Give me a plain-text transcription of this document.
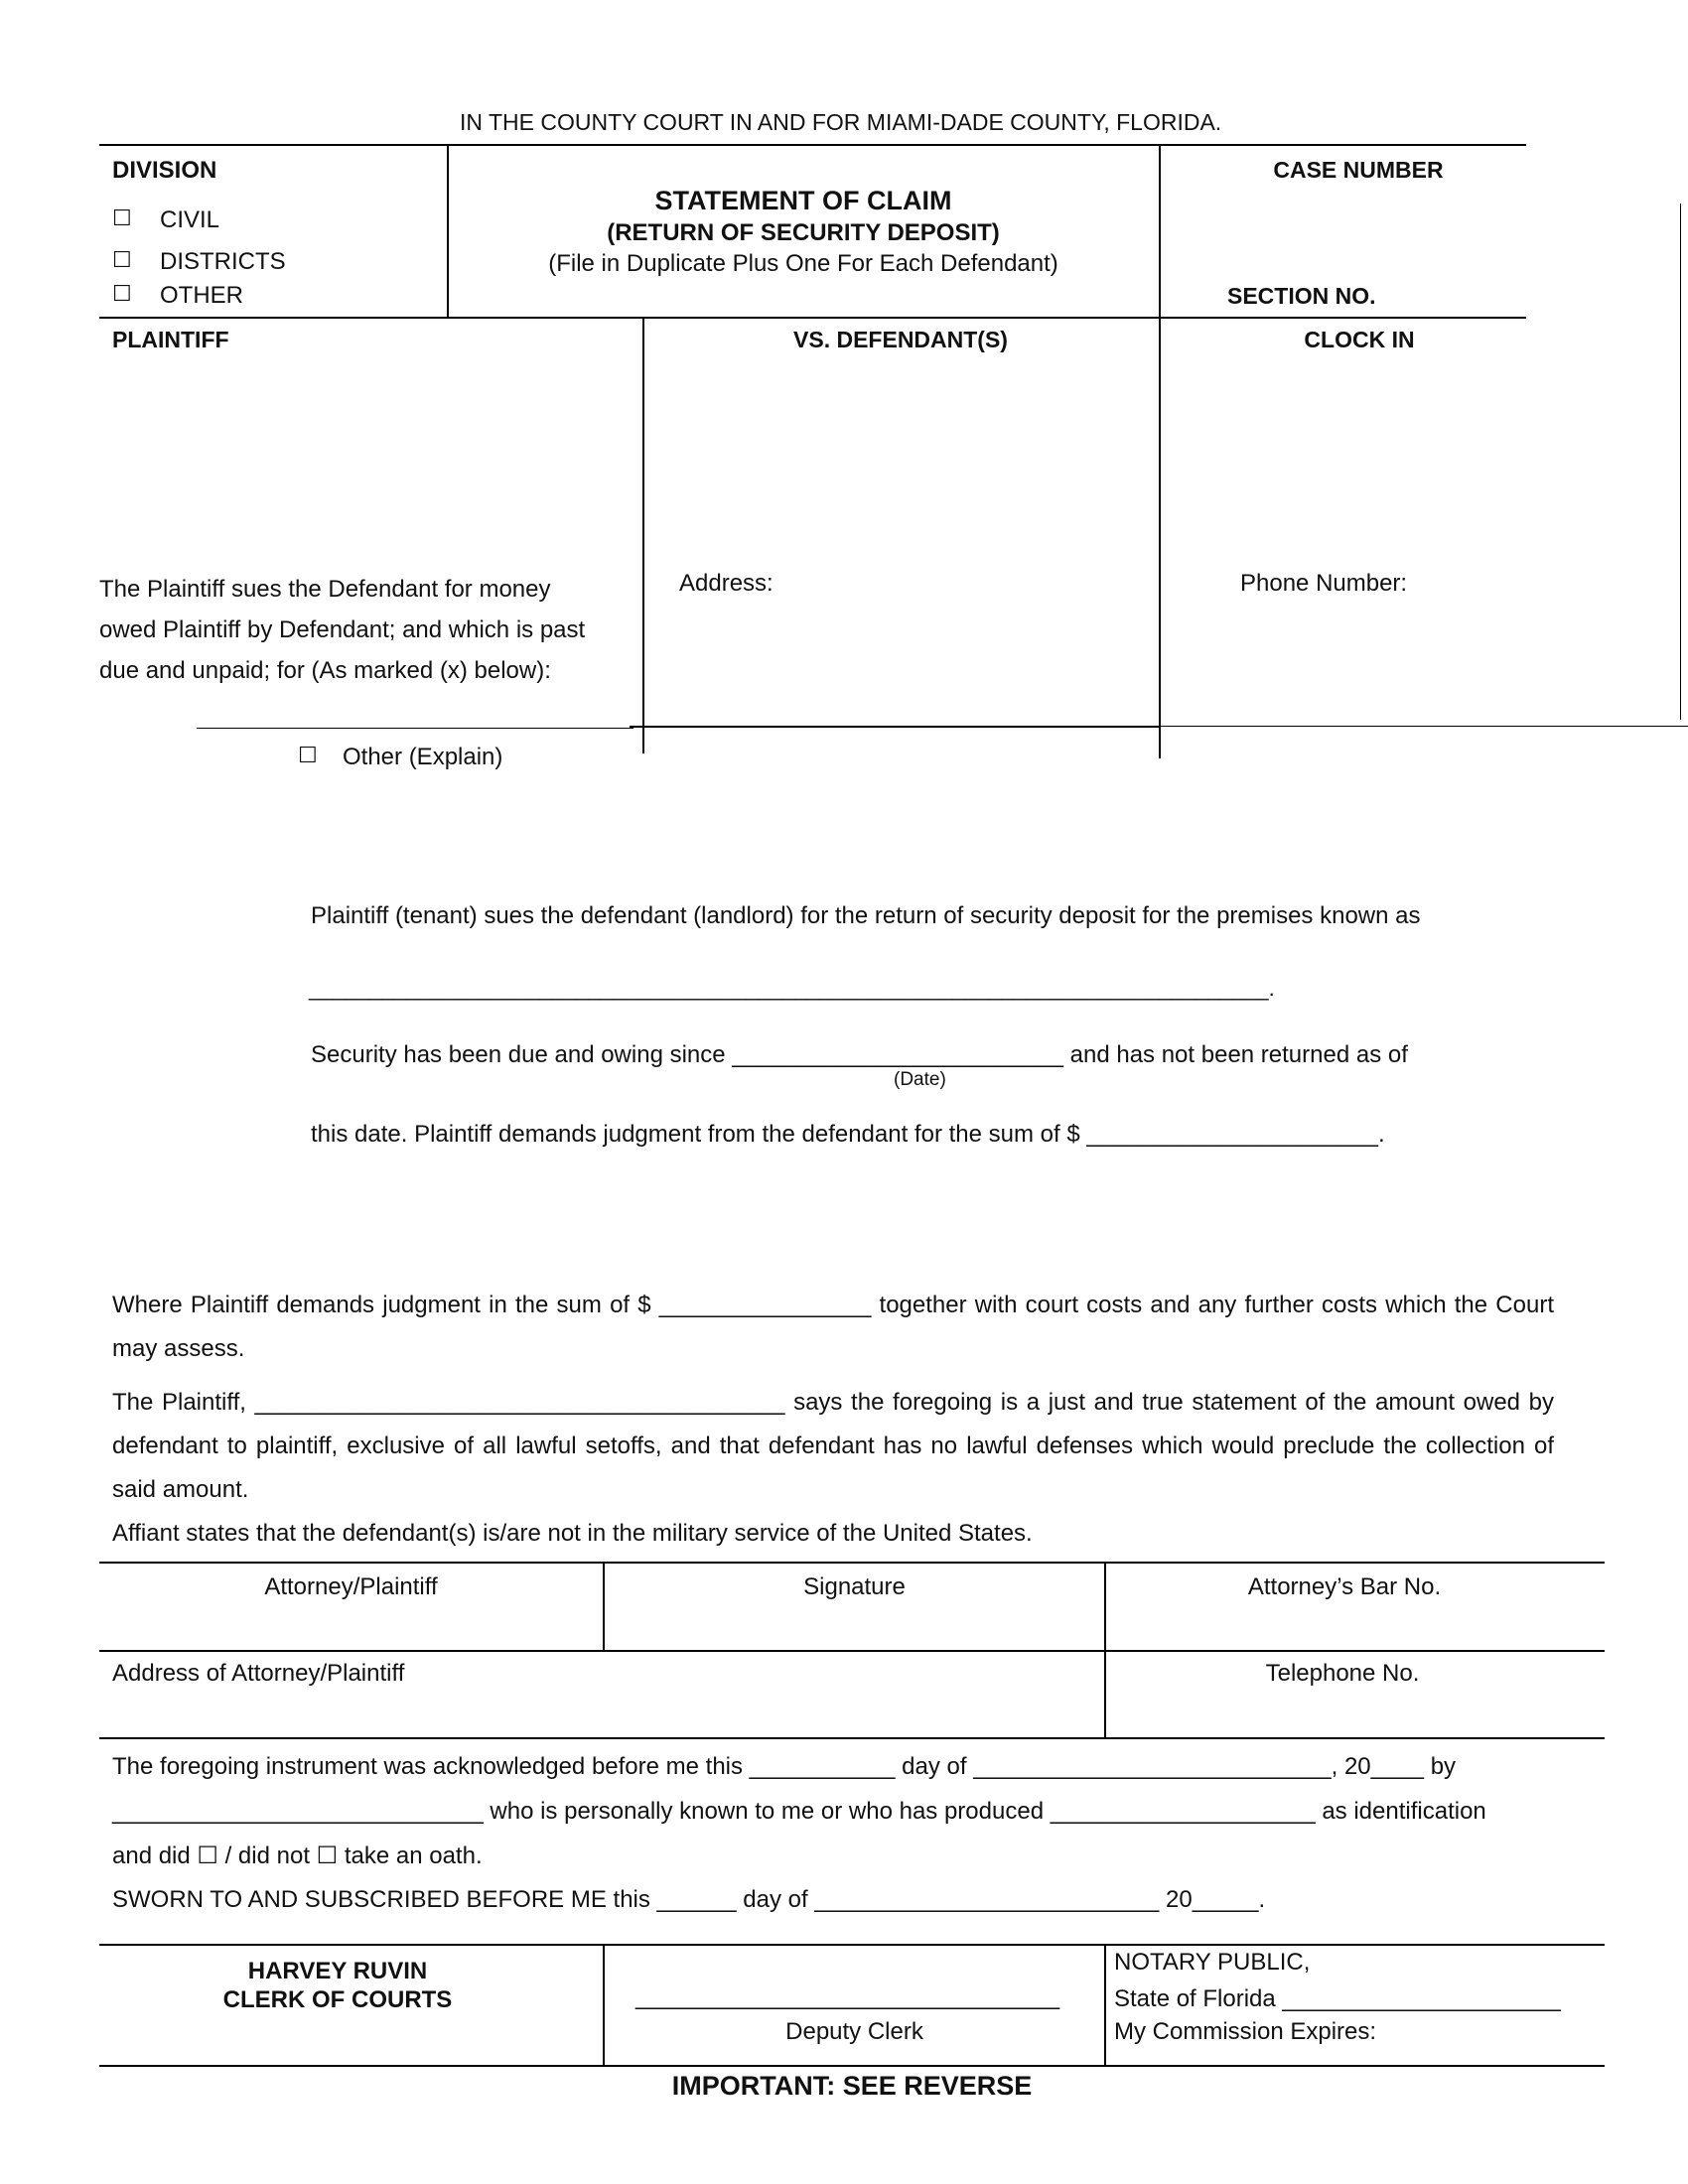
IN THE COUNTY COURT IN AND FOR MIAMI-DADE COUNTY, FLORIDA.
DIVISION
☐ CIVIL
☐ DISTRICTS
☐ OTHER
STATEMENT OF CLAIM
(RETURN OF SECURITY DEPOSIT)
(File in Duplicate Plus One For Each Defendant)
CASE NUMBER
SECTION NO.
PLAINTIFF	VS. DEFENDANT(S)	CLOCK IN
The Plaintiff sues the Defendant for money
owed Plaintiff by Defendant; and which is past
due and unpaid; for (As marked (x) below):
Address:	Phone Number:
☐ Other (Explain)
Plaintiff (tenant) sues the defendant (landlord) for the return of security deposit for the premises known as
_______________________________________________________________________________.
Security has been due and owing since _________________________ and has not been returned as of
(Date)
this date. Plaintiff demands judgment from the defendant for the sum of $ ______________________.
Where Plaintiff demands judgment in the sum of $ ________________ together with court costs and any further costs which the Court may assess.
The Plaintiff, ________________________________________ says the foregoing is a just and true statement of the amount owed by defendant to plaintiff, exclusive of all lawful setoffs, and that defendant has no lawful defenses which would preclude the collection of said amount.
Affiant states that the defendant(s) is/are not in the military service of the United States.
Attorney/Plaintiff	Signature	Attorney’s Bar No.
Address of Attorney/Plaintiff	Telephone No.
The foregoing instrument was acknowledged before me this ___________ day of ___________________________, 20____ by
____________________________ who is personally known to me or who has produced ____________________ as identification
and did ☐ / did not ☐ take an oath.
SWORN TO AND SUBSCRIBED BEFORE ME this ______ day of __________________________ 20_____.
HARVEY RUVIN
CLERK OF COURTS	________________________________
Deputy Clerk
NOTARY PUBLIC,
State of Florida _____________________
My Commission Expires:
IMPORTANT: SEE REVERSE
